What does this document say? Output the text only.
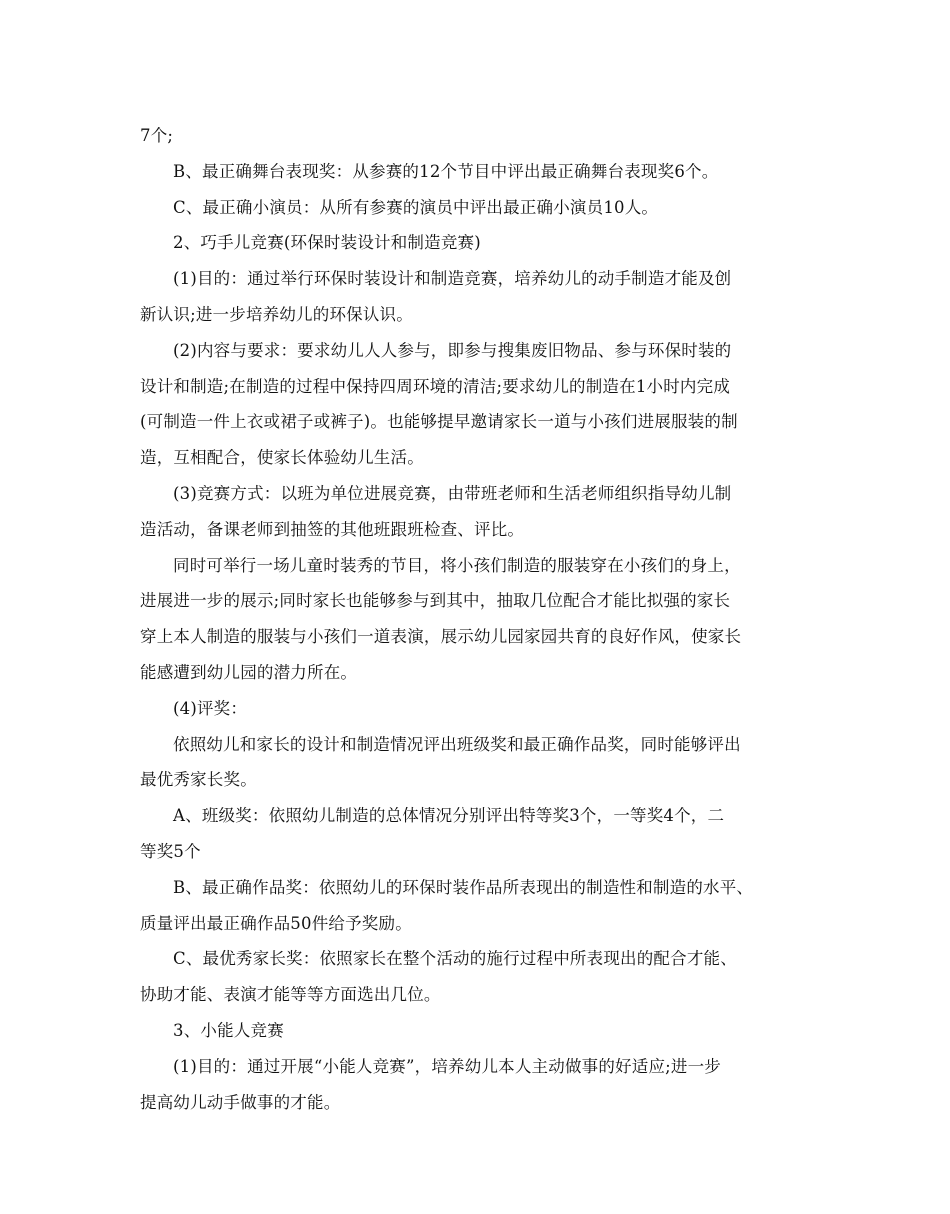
7个;
B、最正确舞台表现奖：从参赛的12个节目中评出最正确舞台表现奖6个。
C、最正确小演员：从所有参赛的演员中评出最正确小演员10人。
2、巧手儿竞赛(环保时装设计和制造竞赛)
(1)目的：通过举行环保时装设计和制造竞赛，培养幼儿的动手制造才能及创
新认识;进一步培养幼儿的环保认识。
(2)内容与要求：要求幼儿人人参与，即参与搜集废旧物品、参与环保时装的
设计和制造;在制造的过程中保持四周环境的清洁;要求幼儿的制造在1小时内完成
(可制造一件上衣或裙子或裤子)。也能够提早邀请家长一道与小孩们进展服装的制
造，互相配合，使家长体验幼儿生活。
(3)竞赛方式：以班为单位进展竞赛，由带班老师和生活老师组织指导幼儿制
造活动，备课老师到抽签的其他班跟班检查、评比。
同时可举行一场儿童时装秀的节目，将小孩们制造的服装穿在小孩们的身上，
进展进一步的展示;同时家长也能够参与到其中，抽取几位配合才能比拟强的家长
穿上本人制造的服装与小孩们一道表演，展示幼儿园家园共育的良好作风，使家长
能感遭到幼儿园的潜力所在。
(4)评奖：
依照幼儿和家长的设计和制造情况评出班级奖和最正确作品奖，同时能够评出
最优秀家长奖。
A、班级奖：依照幼儿制造的总体情况分别评出特等奖3个，一等奖4个，二
等奖5个
B、最正确作品奖：依照幼儿的环保时装作品所表现出的制造性和制造的水平、
质量评出最正确作品50件给予奖励。
C、最优秀家长奖：依照家长在整个活动的施行过程中所表现出的配合才能、
协助才能、表演才能等等方面选出几位。
3、小能人竞赛
(1)目的：通过开展“小能人竞赛”，培养幼儿本人主动做事的好适应;进一步
提高幼儿动手做事的才能。
